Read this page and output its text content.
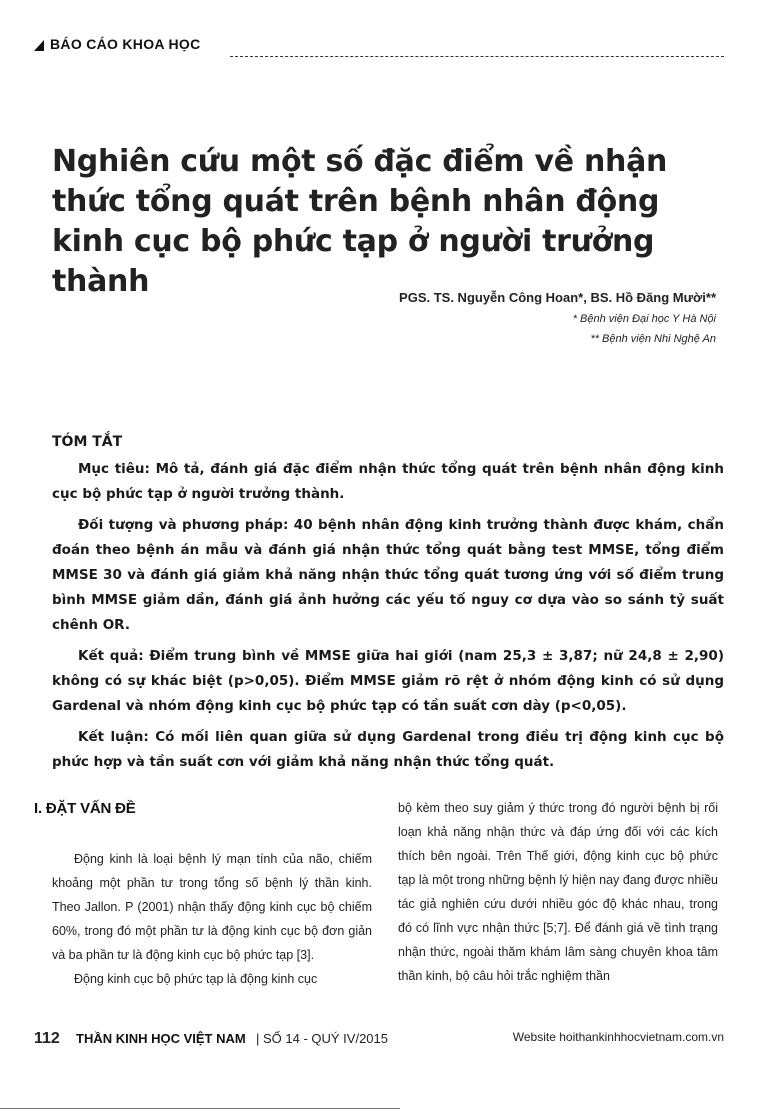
BÁO CÁO KHOA HỌC
Nghiên cứu một số đặc điểm về nhận thức tổng quát trên bệnh nhân động kinh cục bộ phức tạp ở người trưởng thành	PGS. TS. Nguyễn Công Hoan*, BS. Hồ Đăng Mười**
* Bệnh viện Đại học Y Hà Nội
** Bệnh viện Nhi Nghệ An
TÓM TẮT

Mục tiêu: Mô tả, đánh giá đặc điểm nhận thức tổng quát trên bệnh nhân động kinh cục bộ phức tạp ở người trưởng thành.

Đối tượng và phương pháp: 40 bệnh nhân động kinh trưởng thành được khám, chẩn đoán theo bệnh án mẫu và đánh giá nhận thức tổng quát bằng test MMSE, tổng điểm MMSE 30 và đánh giá giảm khả năng nhận thức tổng quát tương ứng với số điểm trung bình MMSE giảm dần, đánh giá ảnh hưởng các yếu tố nguy cơ dựa vào so sánh tỷ suất chênh OR.

Kết quả: Điểm trung bình về MMSE giữa hai giới (nam 25,3 ± 3,87; nữ 24,8 ± 2,90) không có sự khác biệt (p>0,05). Điểm MMSE giảm rõ rệt ở nhóm động kinh có sử dụng Gardenal và nhóm động kinh cục bộ phức tạp có tần suất cơn dày (p<0,05).

Kết luận: Có mối liên quan giữa sử dụng Gardenal trong điều trị động kinh cục bộ phức hợp và tần suất cơn với giảm khả năng nhận thức tổng quát.

I. ĐẶT VẤN ĐỀ

Động kinh là loại bệnh lý mạn tính của não, chiếm khoảng một phần tư trong tổng số bệnh lý thần kinh. Theo Jallon. P (2001) nhận thấy động kinh cục bộ chiếm 60%, trong đó một phần tư là động kinh cục bộ đơn giản và ba phần tư là động kinh cục bộ phức tạp [3].

Động kinh cục bộ phức tạp là động kinh cục

bộ kèm theo suy giảm ý thức trong đó người bệnh bị rối loạn khả năng nhận thức và đáp ứng đối với các kích thích bên ngoài. Trên Thế giới, động kinh cục bộ phức tạp là một trong những bệnh lý hiện nay đang được nhiều tác giả nghiên cứu dưới nhiều góc độ khác nhau, trong đó có lĩnh vực nhận thức [5;7]. Để đánh giá về tình trạng nhận thức, ngoài thăm khám lâm sàng chuyên khoa tâm thần kinh, bộ câu hỏi trắc nghiệm thần

112 THẦN KINH HỌC VIỆT NAM | SỐ 14 - QUÝ IV/2015	Website hoithankinhhocvietnam.com.vn
